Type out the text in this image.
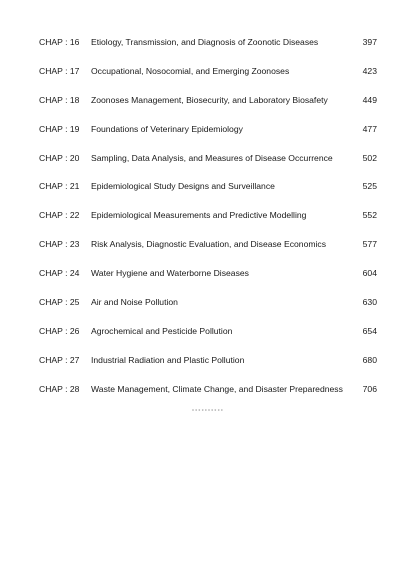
CHAP : 16 Etiology, Transmission, and Diagnosis of Zoonotic Diseases	397
CHAP : 17 Occupational, Nosocomial, and Emerging Zoonoses	423
CHAP : 18 Zoonoses Management, Biosecurity, and Laboratory Biosafety	449
CHAP : 19 Foundations of Veterinary Epidemiology	477
CHAP : 20 Sampling, Data Analysis, and Measures of Disease Occurrence	502
CHAP : 21 Epidemiological Study Designs and Surveillance	525
CHAP : 22 Epidemiological Measurements and Predictive Modelling	552
CHAP : 23 Risk Analysis, Diagnostic Evaluation, and Disease Economics	577
CHAP : 24 Water Hygiene and Waterborne Diseases	604
CHAP : 25 Air and Noise Pollution	630
CHAP : 26 Agrochemical and Pesticide Pollution	654
CHAP : 27 Industrial Radiation and Plastic Pollution	680
CHAP : 28 Waste Management, Climate Change, and Disaster Preparedness 706
°°°°°°°°°°
